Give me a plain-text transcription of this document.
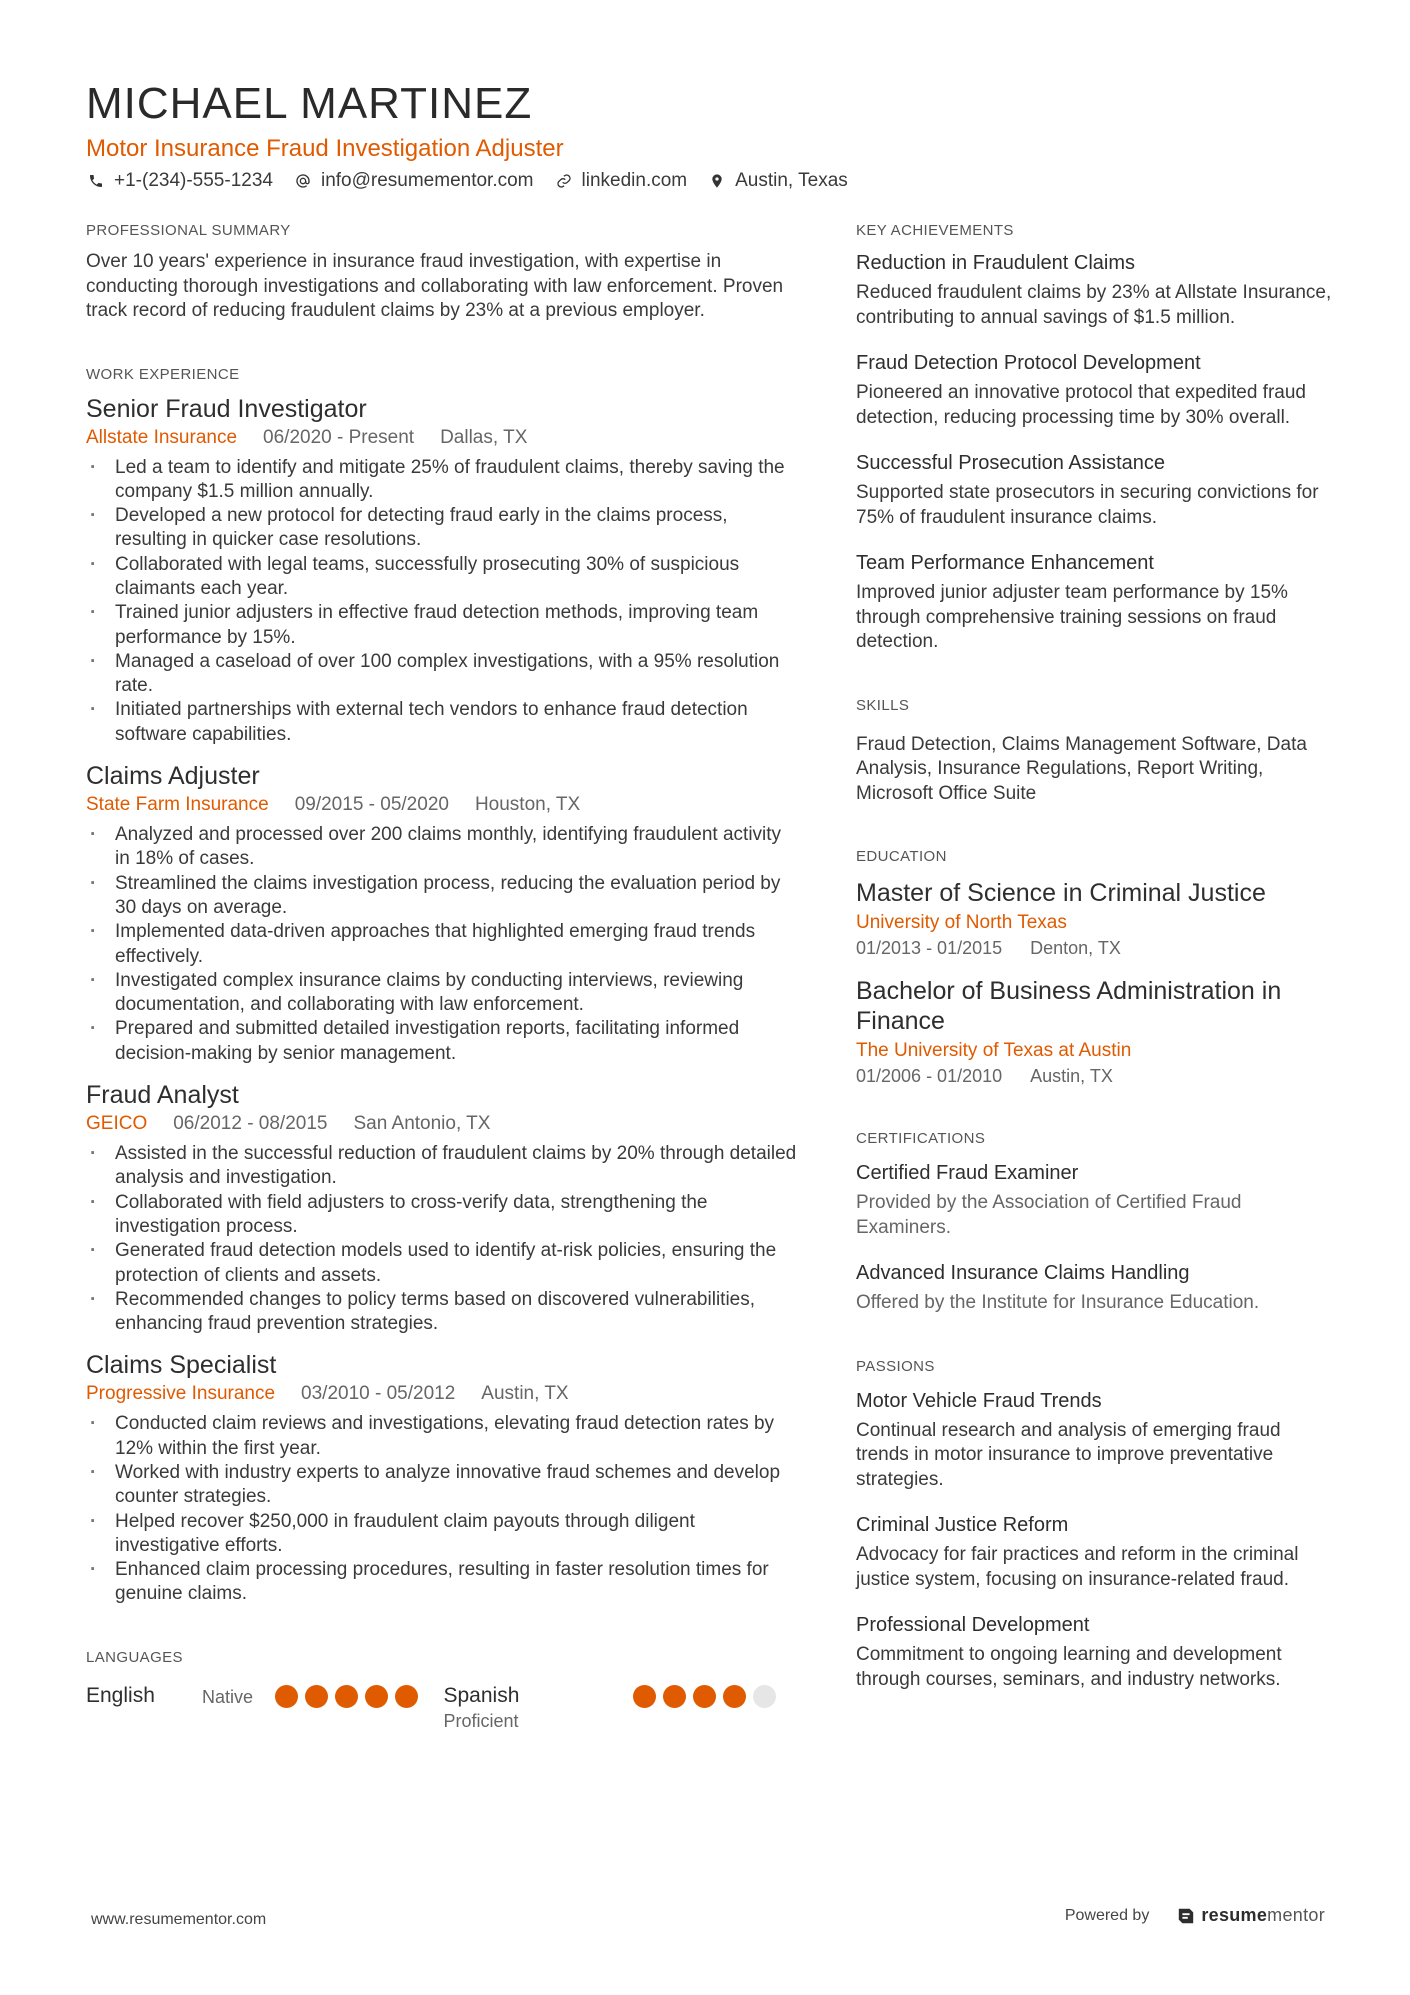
MICHAEL MARTINEZ
Motor Insurance Fraud Investigation Adjuster
+1-(234)-555-1234	info@resumementor.com	linkedin.com	Austin, Texas
PROFESSIONAL SUMMARY

Over 10 years' experience in insurance fraud investigation, with expertise in conducting thorough investigations and collaborating with law enforcement. Proven track record of reducing fraudulent claims by 23% at a previous employer.

WORK EXPERIENCE
Senior Fraud Investigator
Allstate Insurance 06/2020 - Present Dallas, TX
· Led a team to identify and mitigate 25% of fraudulent claims, thereby saving the company $1.5 million annually.
· Developed a new protocol for detecting fraud early in the claims process, resulting in quicker case resolutions.
· Collaborated with legal teams, successfully prosecuting 30% of suspicious claimants each year.
· Trained junior adjusters in effective fraud detection methods, improving team performance by 15%.
· Managed a caseload of over 100 complex investigations, with a 95% resolution rate.
· Initiated partnerships with external tech vendors to enhance fraud detection software capabilities.
Claims Adjuster
State Farm Insurance 09/2015 - 05/2020 Houston, TX
· Analyzed and processed over 200 claims monthly, identifying fraudulent activity in 18% of cases.
· Streamlined the claims investigation process, reducing the evaluation period by 30 days on average.
· Implemented data-driven approaches that highlighted emerging fraud trends effectively.
· Investigated complex insurance claims by conducting interviews, reviewing documentation, and collaborating with law enforcement.
· Prepared and submitted detailed investigation reports, facilitating informed decision-making by senior management.
Fraud Analyst
GEICO 06/2012 - 08/2015 San Antonio, TX
· Assisted in the successful reduction of fraudulent claims by 20% through detailed analysis and investigation.
· Collaborated with field adjusters to cross-verify data, strengthening the investigation process.
· Generated fraud detection models used to identify at-risk policies, ensuring the protection of clients and assets.
· Recommended changes to policy terms based on discovered vulnerabilities, enhancing fraud prevention strategies.
Claims Specialist
Progressive Insurance 03/2010 - 05/2012 Austin, TX
· Conducted claim reviews and investigations, elevating fraud detection rates by 12% within the first year.
· Worked with industry experts to analyze innovative fraud schemes and develop counter strategies.
· Helped recover $250,000 in fraudulent claim payouts through diligent investigative efforts.
· Enhanced claim processing procedures, resulting in faster resolution times for genuine claims.
LANGUAGES
English	Native	Spanish
Proficient
KEY ACHIEVEMENTS
Reduction in Fraudulent Claims
Reduced fraudulent claims by 23% at Allstate Insurance, contributing to annual savings of $1.5 million.
Fraud Detection Protocol Development
Pioneered an innovative protocol that expedited fraud detection, reducing processing time by 30% overall.
Successful Prosecution Assistance
Supported state prosecutors in securing convictions for 75% of fraudulent insurance claims.
Team Performance Enhancement
Improved junior adjuster team performance by 15% through comprehensive training sessions on fraud detection.
SKILLS

Fraud Detection, Claims Management Software, Data Analysis, Insurance Regulations, Report Writing, Microsoft Office Suite

EDUCATION
Master of Science in Criminal Justice
University of North Texas
01/2013 - 01/2015 Denton, TX
Bachelor of Business Administration in Finance
The University of Texas at Austin
01/2006 - 01/2010 Austin, TX
CERTIFICATIONS
Certified Fraud Examiner
Provided by the Association of Certified Fraud Examiners.
Advanced Insurance Claims Handling
Offered by the Institute for Insurance Education.
PASSIONS
Motor Vehicle Fraud Trends
Continual research and analysis of emerging fraud trends in motor insurance to improve preventative strategies.
Criminal Justice Reform
Advocacy for fair practices and reform in the criminal justice system, focusing on insurance-related fraud.
Professional Development
Commitment to ongoing learning and development through courses, seminars, and industry networks.
www.resumementor.com	Powered by	resume mentor
